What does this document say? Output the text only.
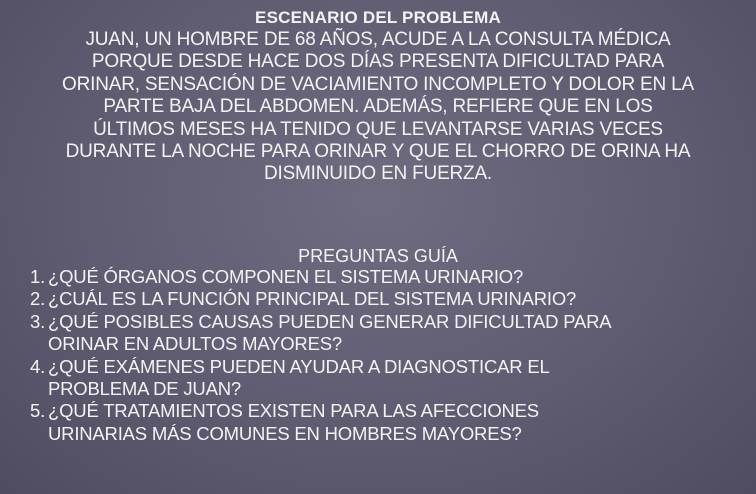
ESCENARIO DEL PROBLEMA
JUAN, UN HOMBRE DE 68 AÑOS, ACUDE A LA CONSULTA MÉDICA
PORQUE DESDE HACE DOS DÍAS PRESENTA DIFICULTAD PARA
ORINAR, SENSACIÓN DE VACIAMIENTO INCOMPLETO Y DOLOR EN LA
PARTE BAJA DEL ABDOMEN. ADEMÁS, REFIERE QUE EN LOS
ÚLTIMOS MESES HA TENIDO QUE LEVANTARSE VARIAS VECES
DURANTE LA NOCHE PARA ORINAR Y QUE EL CHORRO DE ORINA HA
DISMINUIDO EN FUERZA.
PREGUNTAS GUÍA
1. ¿QUÉ ÓRGANOS COMPONEN EL SISTEMA URINARIO?
2. ¿CUÁL ES LA FUNCIÓN PRINCIPAL DEL SISTEMA URINARIO?
3. ¿QUÉ POSIBLES CAUSAS PUEDEN GENERAR DIFICULTAD PARA
ORINAR EN ADULTOS MAYORES?
4. ¿QUÉ EXÁMENES PUEDEN AYUDAR A DIAGNOSTICAR EL
PROBLEMA DE JUAN?
5. ¿QUÉ TRATAMIENTOS EXISTEN PARA LAS AFECCIONES
URINARIAS MÁS COMUNES EN HOMBRES MAYORES?
